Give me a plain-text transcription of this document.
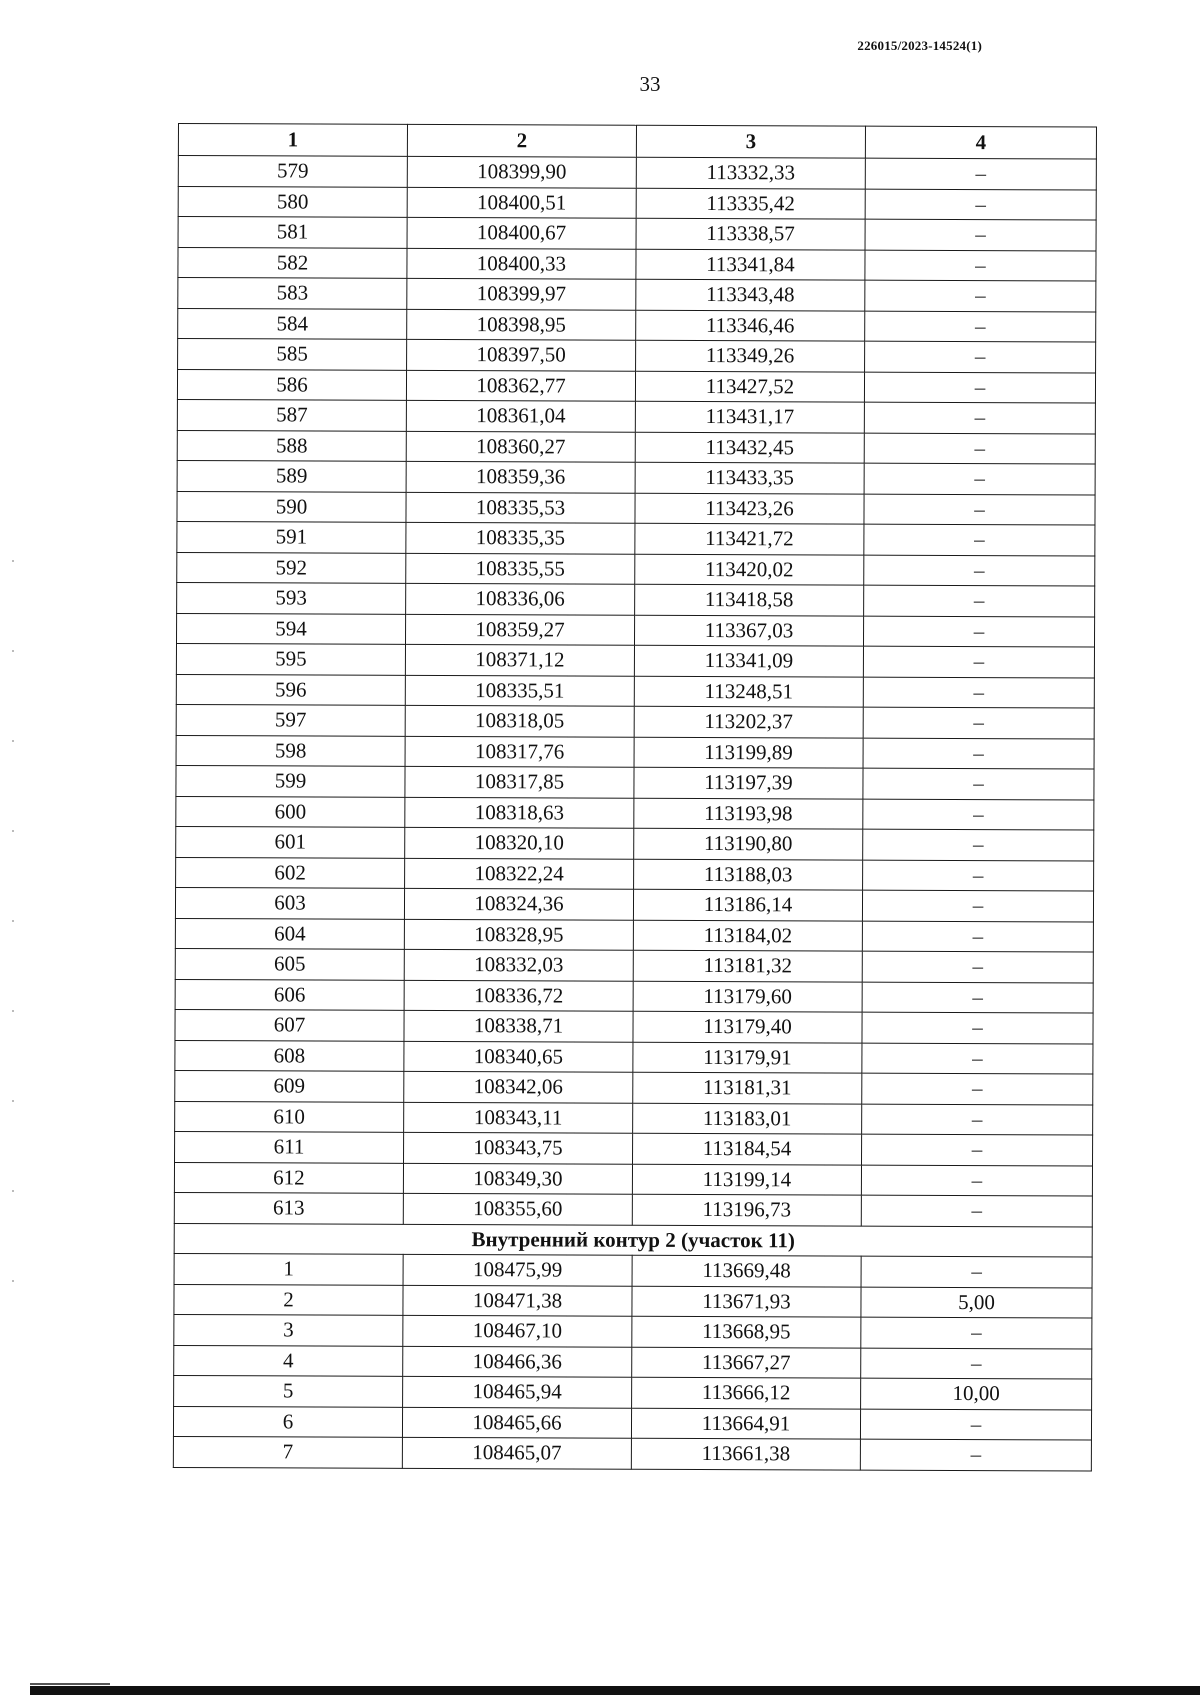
226015/2023-14524(1)
33
1	2	3	4
579	108399,90	113332,33	–
580	108400,51	113335,42	–
581	108400,67	113338,57	–
582	108400,33	113341,84	–
583	108399,97	113343,48	–
584	108398,95	113346,46	–
585	108397,50	113349,26	–
586	108362,77	113427,52	–
587	108361,04	113431,17	–
588	108360,27	113432,45	–
589	108359,36	113433,35	–
590	108335,53	113423,26	–
591	108335,35	113421,72	–
592	108335,55	113420,02	–
593	108336,06	113418,58	–
594	108359,27	113367,03	–
595	108371,12	113341,09	–
596	108335,51	113248,51	–
597	108318,05	113202,37	–
598	108317,76	113199,89	–
599	108317,85	113197,39	–
600	108318,63	113193,98	–
601	108320,10	113190,80	–
602	108322,24	113188,03	–
603	108324,36	113186,14	–
604	108328,95	113184,02	–
605	108332,03	113181,32	–
606	108336,72	113179,60	–
607	108338,71	113179,40	–
608	108340,65	113179,91	–
609	108342,06	113181,31	–
610	108343,11	113183,01	–
611	108343,75	113184,54	–
612	108349,30	113199,14	–
613	108355,60	113196,73	–
Внутренний контур 2 (участок 11)			
1	108475,99	113669,48	–
2	108471,38	113671,93	5,00
3	108467,10	113668,95	–
4	108466,36	113667,27	–
5	108465,94	113666,12	10,00
6	108465,66	113664,91	–
7	108465,07	113661,38	–
